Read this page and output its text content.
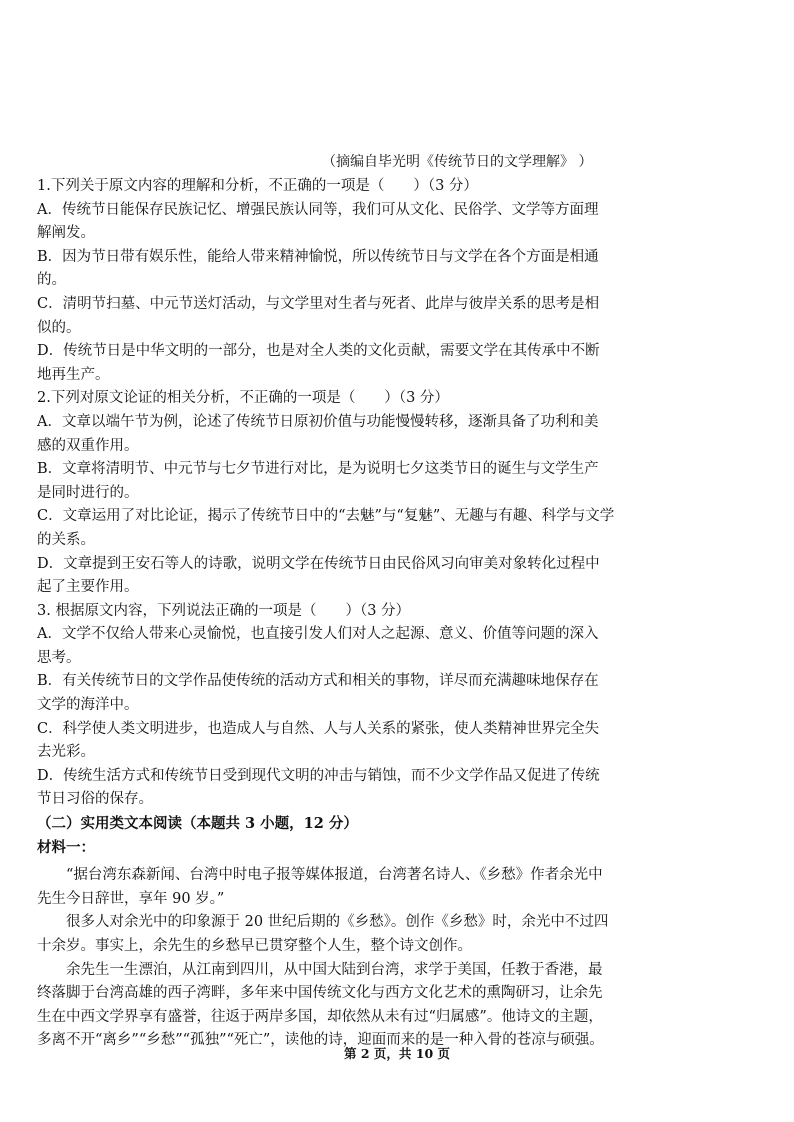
（摘编自毕光明《传统节日的文学理解》 ）
1.下列关于原文内容的理解和分析，不正确的一项是（　　）（3 分）
A．传统节日能保存民族记忆、增强民族认同等，我们可从文化、民俗学、文学等方面理
解阐发。
B．因为节日带有娱乐性，能给人带来精神愉悦，所以传统节日与文学在各个方面是相通
的。
C．清明节扫墓、中元节送灯活动，与文学里对生者与死者、此岸与彼岸关系的思考是相
似的。
D．传统节日是中华文明的一部分，也是对全人类的文化贡献，需要文学在其传承中不断
地再生产。
2.下列对原文论证的相关分析，不正确的一项是（　　）（3 分）
A．文章以端午节为例，论述了传统节日原初价值与功能慢慢转移，逐渐具备了功利和美
感的双重作用。
B．文章将清明节、中元节与七夕节进行对比，是为说明七夕这类节日的诞生与文学生产
是同时进行的。
C．文章运用了对比论证，揭示了传统节日中的“去魅”与“复魅”、无趣与有趣、科学与文学
的关系。
D．文章提到王安石等人的诗歌，说明文学在传统节日由民俗风习向审美对象转化过程中
起了主要作用。
3. 根据原文内容，下列说法正确的一项是（　　）（3 分）
A．文学不仅给人带来心灵愉悦，也直接引发人们对人之起源、意义、价值等问题的深入
思考。
B．有关传统节日的文学作品使传统的活动方式和相关的事物，详尽而充满趣味地保存在
文学的海洋中。
C．科学使人类文明进步，也造成人与自然、人与人关系的紧张，使人类精神世界完全失
去光彩。
D．传统生活方式和传统节日受到现代文明的冲击与销蚀，而不少文学作品又促进了传统
节日习俗的保存。
（二）实用类文本阅读（本题共 3 小题，12 分）
材料一：
“据台湾东森新闻、台湾中时电子报等媒体报道，台湾著名诗人、《乡愁》作者余光中
先生今日辞世，享年 90 岁。”
很多人对余光中的印象源于 20 世纪后期的《乡愁》。创作《乡愁》时，余光中不过四
十余岁。事实上，余先生的乡愁早已贯穿整个人生，整个诗文创作。
余先生一生漂泊，从江南到四川，从中国大陆到台湾，求学于美国，任教于香港，最
终落脚于台湾高雄的西子湾畔，多年来中国传统文化与西方文化艺术的熏陶研习，让余先
生在中西文学界享有盛誉，往返于两岸多国，却依然从未有过“归属感”。他诗文的主题，
多离不开“离乡”“乡愁”“孤独”“死亡”，读他的诗，迎面而来的是一种入骨的苍凉与硕强。
第 2 页，共 10 页
